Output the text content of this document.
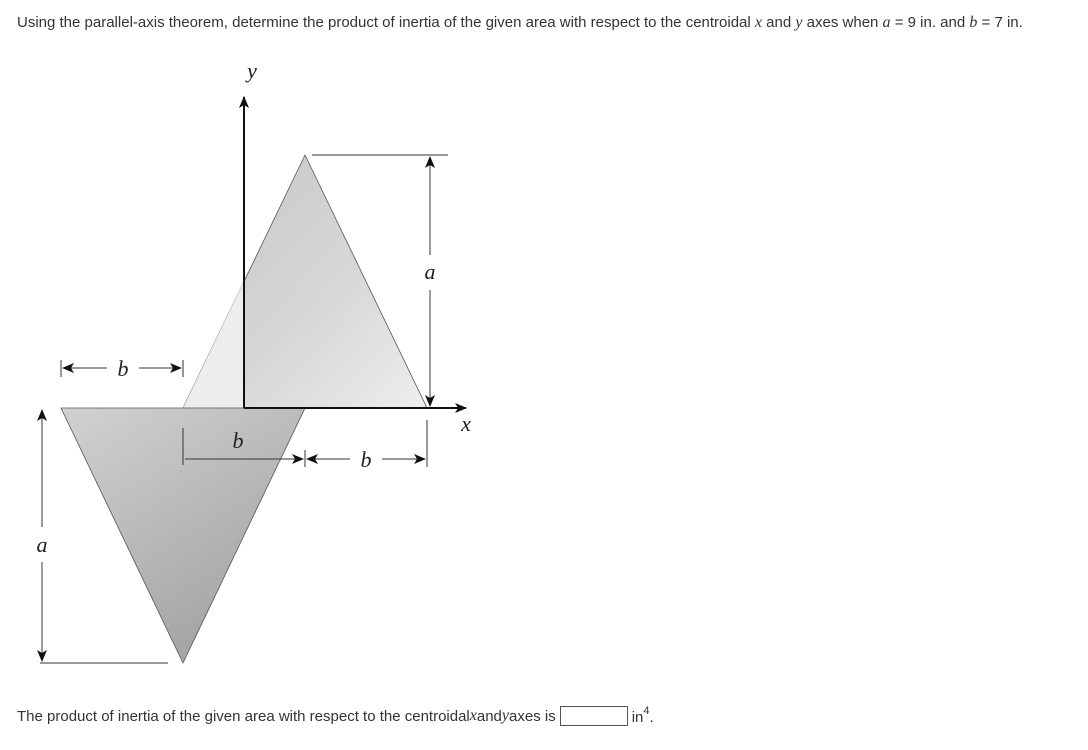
Using the parallel-axis theorem, determine the product of inertia of the given area with respect to the centroidal x and y axes when a = 9 in. and b = 7 in.
y
x
a
a
b
b
b
The product of inertia of the given area with respect to the centroidal x and y axes is	$in^4$.
